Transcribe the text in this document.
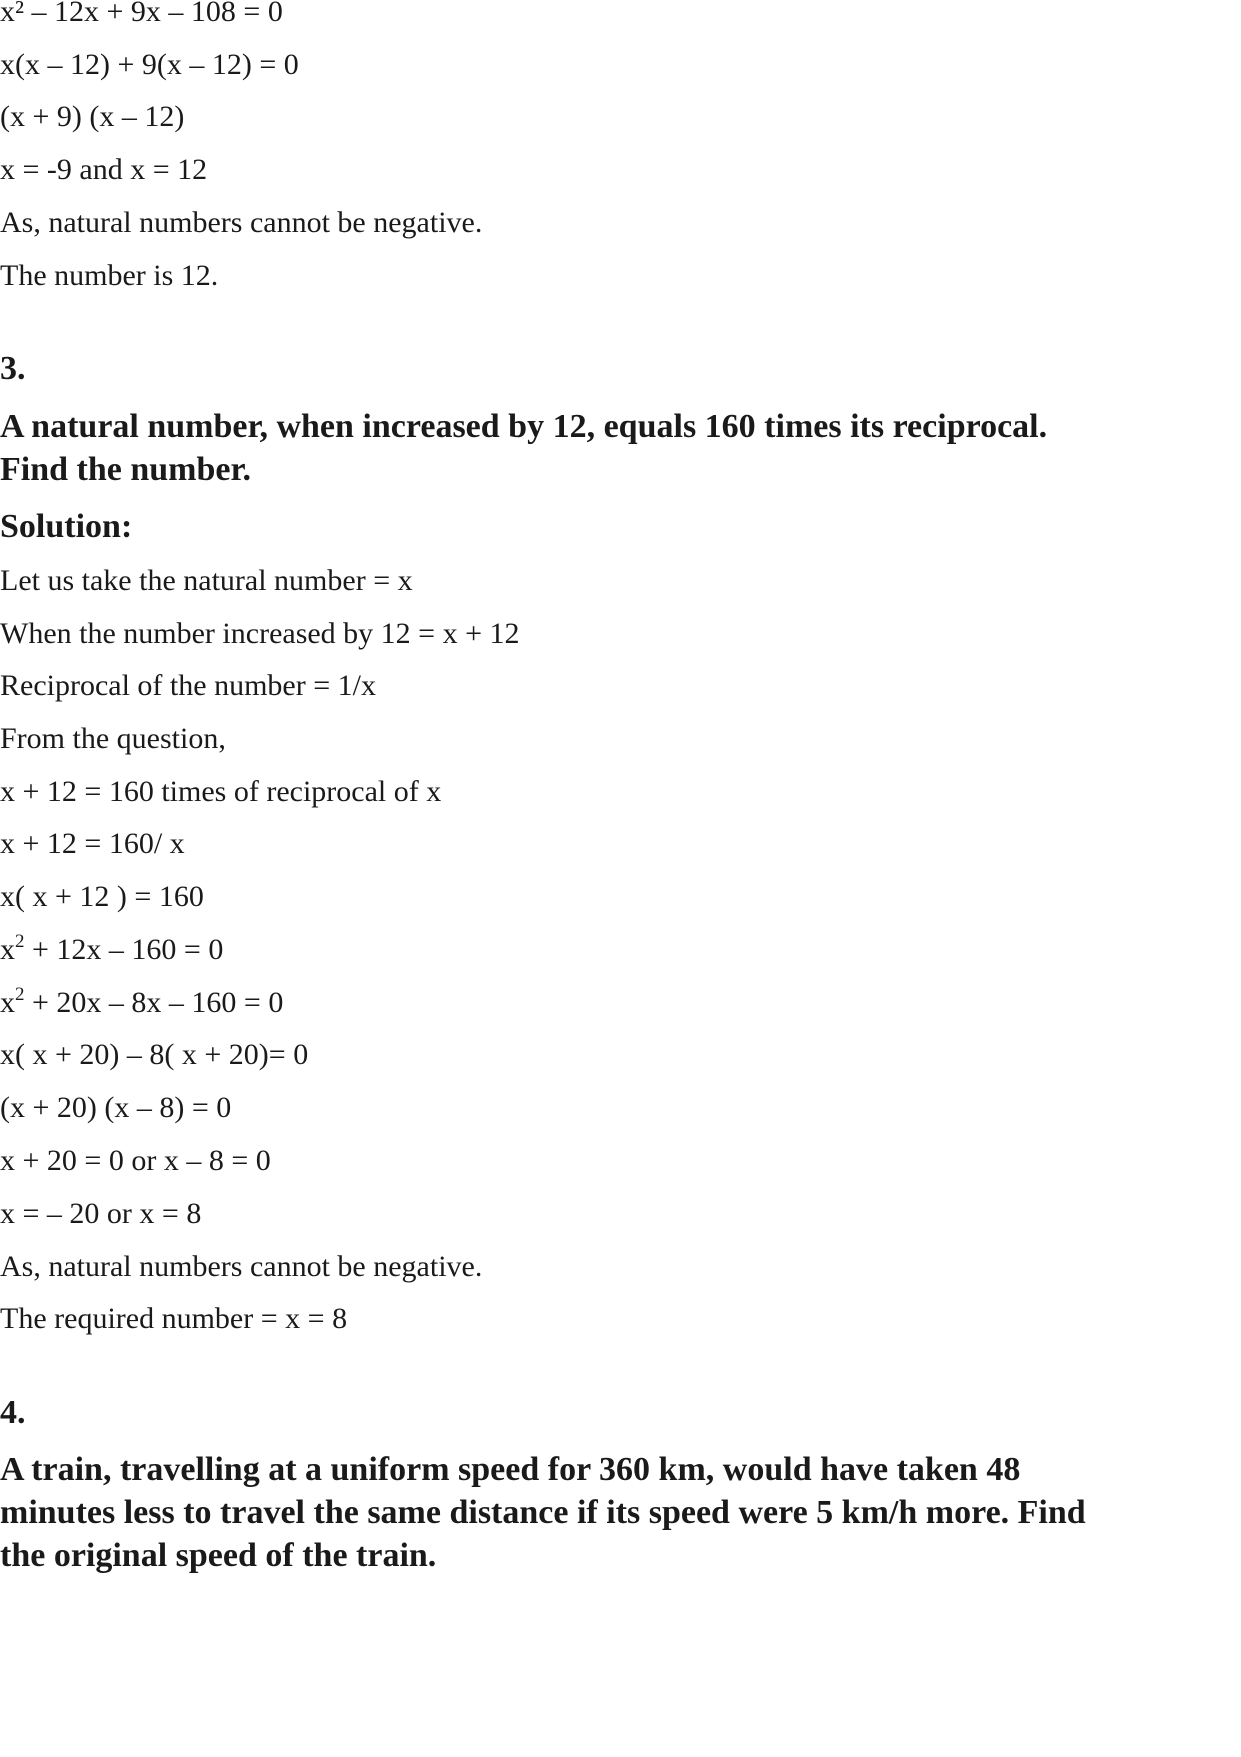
x² – 12x + 9x – 108 = 0

x(x – 12) + 9(x – 12) = 0

(x + 9) (x – 12)

x = -9 and x = 12

As, natural numbers cannot be negative.

The number is 12.

3.

A natural number, when increased by 12, equals 160 times its reciprocal.
Find the number.

Solution:

Let us take the natural number = x

When the number increased by 12 = x + 12

Reciprocal of the number = 1/x

From the question,

x + 12 = 160 times of reciprocal of x

x + 12 = 160/ x

x( x + 12 ) = 160

$x^2 + 12x - 160 = 0$

$x^2 + 20x - 8x - 160 = 0$

x( x + 20) – 8( x + 20)= 0

(x + 20) (x – 8) = 0

x + 20 = 0 or x – 8 = 0

x = – 20 or x = 8

As, natural numbers cannot be negative.

The required number = x = 8

4.

A train, travelling at a uniform speed for 360 km, would have taken 48
minutes less to travel the same distance if its speed were 5 km/h more. Find
the original speed of the train.
